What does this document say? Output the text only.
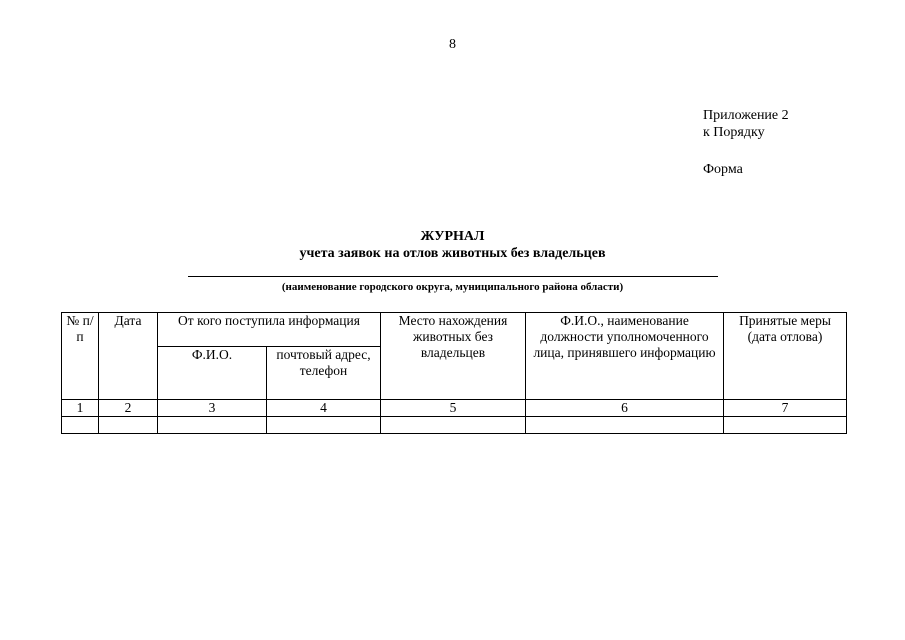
8
Приложение 2
к Порядку
Форма
ЖУРНАЛ
учета заявок на отлов животных без владельцев
(наименование городского округа, муниципального района области)
№ п/п	Дата	От кого поступила информация		Место нахождения животных без владельцев	Ф.И.О., наименование должности уполномоченного лица, принявшего информацию	Принятые меры (дата отлова)
		Ф.И.О.	почтовый адрес, телефон			
1	2	3	4	5	6	7
